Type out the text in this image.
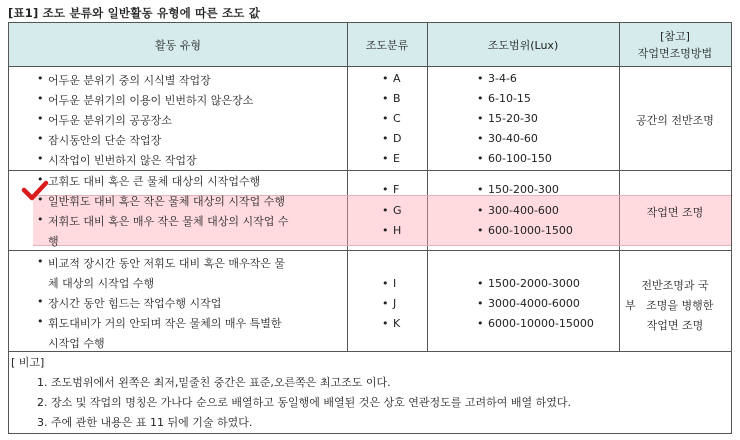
[표1] 조도 분류와 일반활동 유형에 따른 조도 값
활동 유형	조도분류	조도범위(Lux)
[참고]
작업면조명방법
• 어두운 분위기 중의 시식별 작업장
• 어두운 분위기의 이용이 빈번하지 않은장소
• 어두운 분위기의 공공장소
• 잠시동안의 단순 작업장
• 시작업이 빈번하지 않은 작업장
• A
• B
• C
• D
• E
• 3-4-6
• 6-10-15
• 15-20-30
• 30-40-60
• 60-100-150
공간의 전반조명
• 비교적 장시간 동안 저휘도 대비 혹은 매우작은 물
체 대상의 시작업 수행
• 장시간 동안 힘드는 작업수행 시작업
• 휘도대비가 거의 안되며 작은 물체의 매우 특별한
시작업 수행
• I
• J
• K
• 1500-2000-3000
• 3000-4000-6000
• 6000-10000-15000
전반조명과 국
부   조명을 병행한
작업면 조명
• 고휘도 대비 혹은 큰 물체 대상의 시작업수행
• 일반휘도 대비 혹은 작은 물체 대상의 시작업 수행
• 저휘도 대비 혹은 매우 작은 물체 대상의 시작업 수
행
• F
• G
• H
• 150-200-300
• 300-400-600
• 600-1000-1500
작업면 조명
[ 비고]
1. 조도범위에서 왼쪽은 최저,밑줄친 중간은 표준,오른쪽은 최고조도 이다.
2. 장소 및 작업의 명칭은 가나다 순으로 배열하고 동일행에 배열된 것은 상호 연관정도를 고려하여 배열 하였다.
3. 주에 관한 내용은 표 11 뒤에 기술 하였다.
